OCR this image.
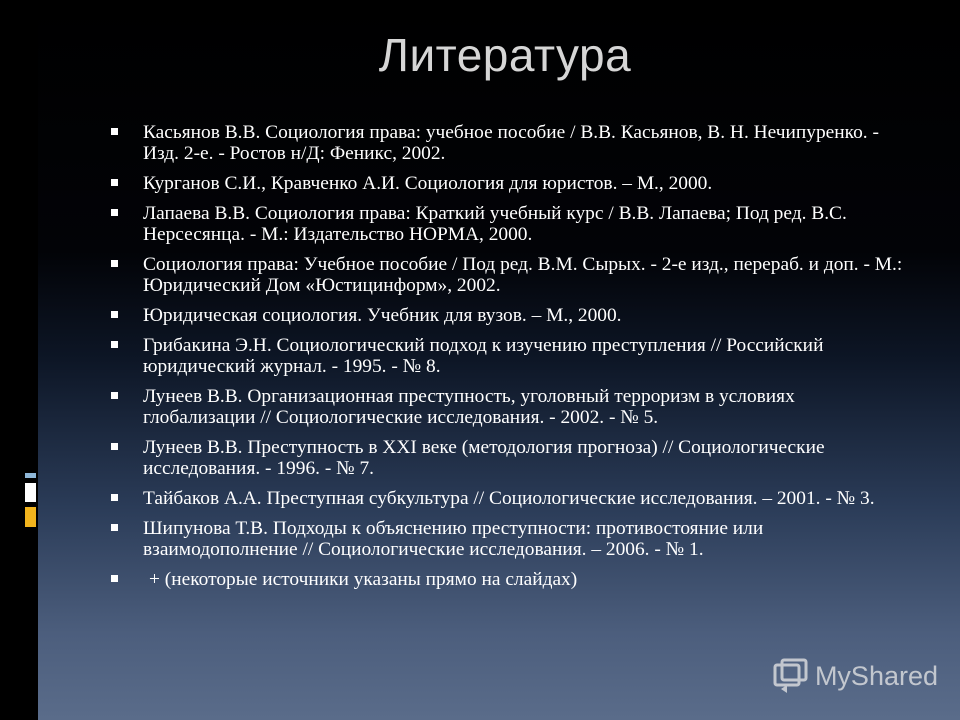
Литература
Касьянов В.В. Социология права: учебное пособие / В.В. Касьянов, В. Н. Нечипуренко. - Изд. 2-е. - Ростов н/Д: Феникс, 2002.
Курганов С.И., Кравченко А.И. Социология для юристов. – М., 2000.
Лапаева В.В. Социология права: Краткий учебный курс / В.В. Лапаева; Под ред. В.С. Нерсесянца. - М.: Издательство НОРМА, 2000.
Социология права: Учебное пособие / Под ред. В.М. Сырых. - 2-е изд., перераб. и доп. - М.: Юридический Дом «Юстицинформ», 2002.
Юридическая социология. Учебник для вузов. – М., 2000.
Грибакина Э.Н. Социологический подход к изучению преступления // Российский юридический журнал. - 1995. - № 8.
Лунеев В.В. Организационная преступность, уголовный терроризм в условиях глобализации // Социологические исследования. - 2002. - № 5.
Лунеев В.В. Преступность в XXI веке (методология прогноза) // Социологические исследования. - 1996. - № 7.
Тайбаков А.А. Преступная субкультура // Социологические исследования. – 2001. - № 3.
Шипунова Т.В. Подходы к объяснению преступности: противостояние или взаимодополнение // Социологические исследования. – 2006. - № 1.
+ (некоторые источники указаны прямо на слайдах)
MyShared
